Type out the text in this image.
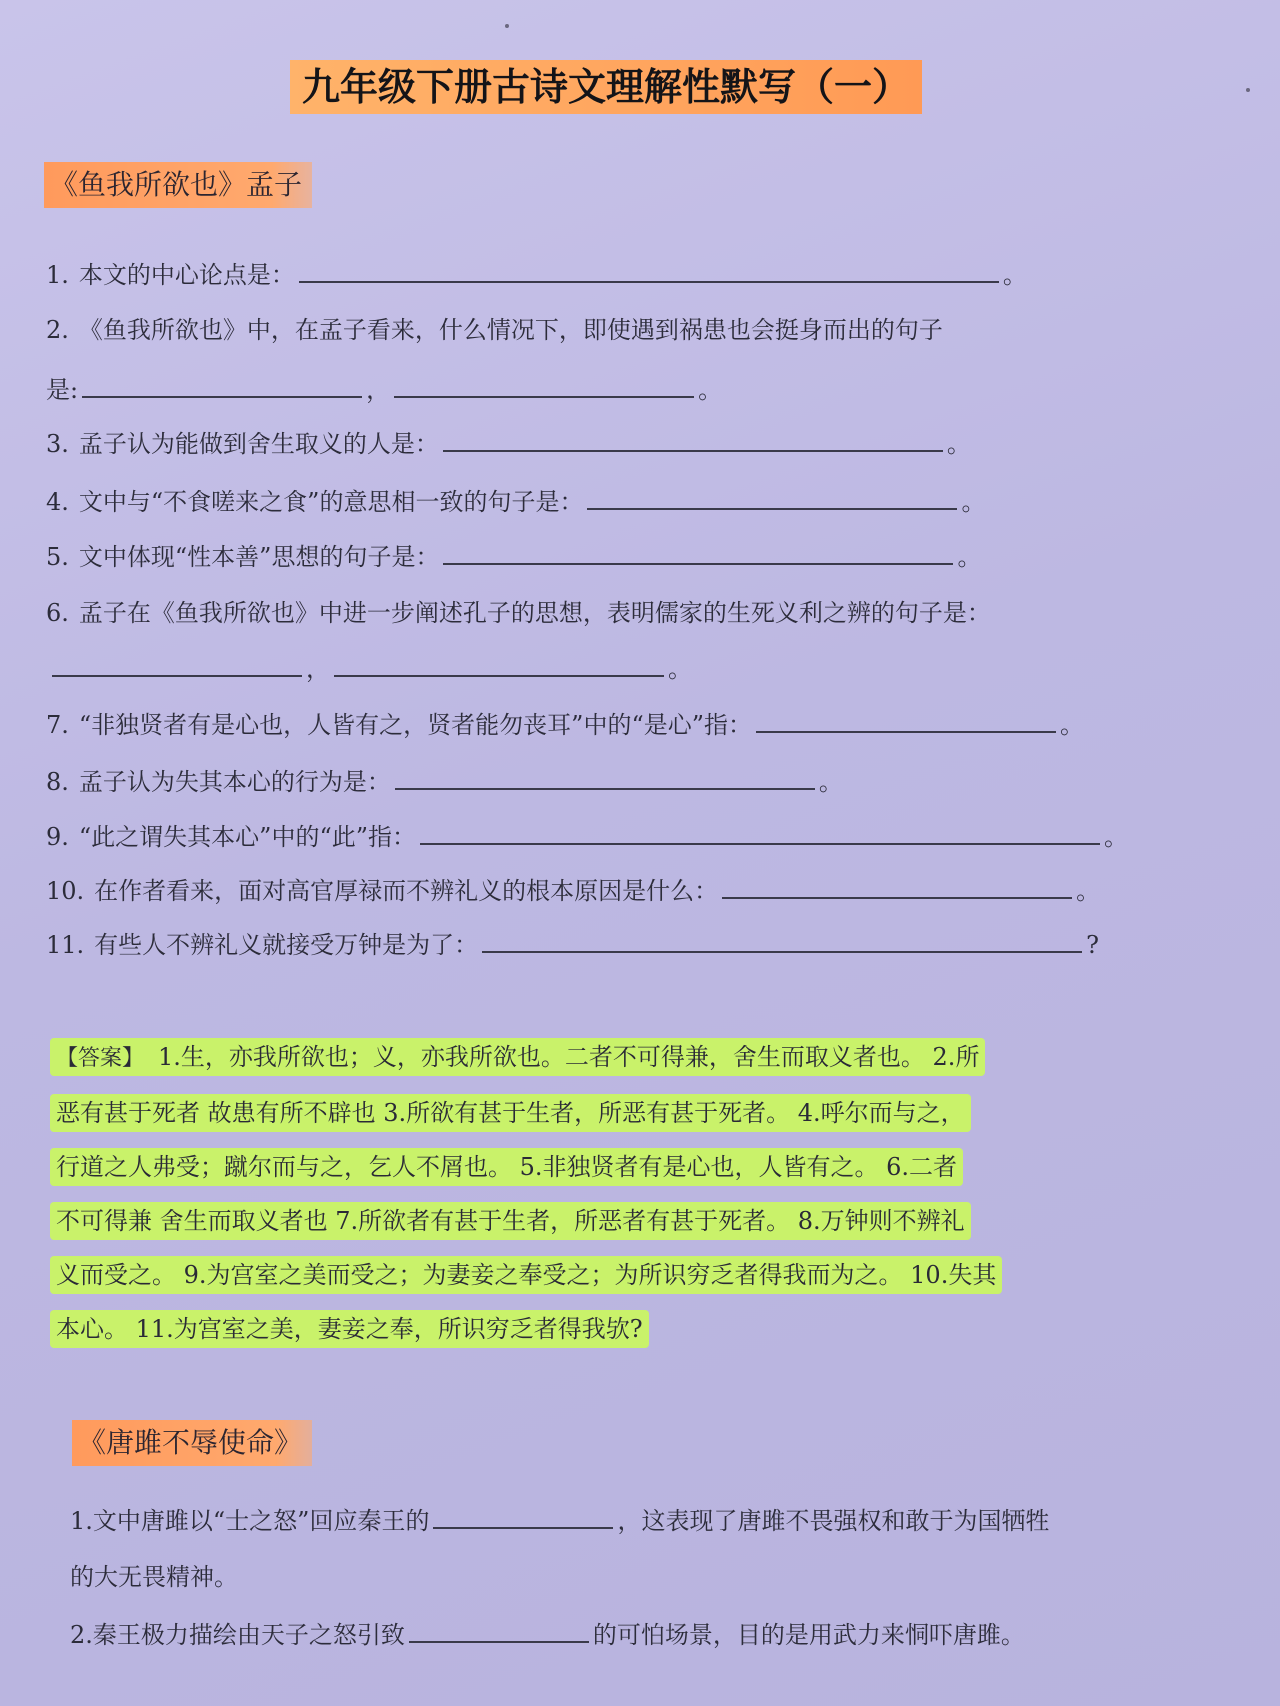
九年级下册古诗文理解性默写（一）
《鱼我所欲也》孟子
1. 本文的中心论点是：	。
2. 《鱼我所欲也》中，在孟子看来，什么情况下，即使遇到祸患也会挺身而出的句子
是:	，	。
3. 孟子认为能做到舍生取义的人是：	。
4. 文中与“不食嗟来之食”的意思相一致的句子是：	。
5. 文中体现“性本善”思想的句子是：	。
6. 孟子在《鱼我所欲也》中进一步阐述孔子的思想，表明儒家的生死义利之辨的句子是：
，	。
7. “非独贤者有是心也，人皆有之，贤者能勿丧耳”中的“是心”指：	。
8. 孟子认为失其本心的行为是：	。
9. “此之谓失其本心”中的“此”指：	。
10. 在作者看来，面对高官厚禄而不辨礼义的根本原因是什么：	。
11. 有些人不辨礼义就接受万钟是为了：	?
【答案】 1.生，亦我所欲也；义，亦我所欲也。二者不可得兼，舍生而取义者也。 2.所
恶有甚于死者 故患有所不辟也 3.所欲有甚于生者，所恶有甚于死者。 4.呼尔而与之，
行道之人弗受；蹴尔而与之，乞人不屑也。 5.非独贤者有是心也，人皆有之。 6.二者
不可得兼 舍生而取义者也 7.所欲者有甚于生者，所恶者有甚于死者。 8.万钟则不辨礼
义而受之。 9.为宫室之美而受之；为妻妾之奉受之；为所识穷乏者得我而为之。 10.失其
本心。 11.为宫室之美，妻妾之奉，所识穷乏者得我欤?
《唐雎不辱使命》
1.文中唐雎以“士之怒”回应秦王的	，这表现了唐雎不畏强权和敢于为国牺牲
的大无畏精神。
2.秦王极力描绘由天子之怒引致	的可怕场景，目的是用武力来恫吓唐雎。
